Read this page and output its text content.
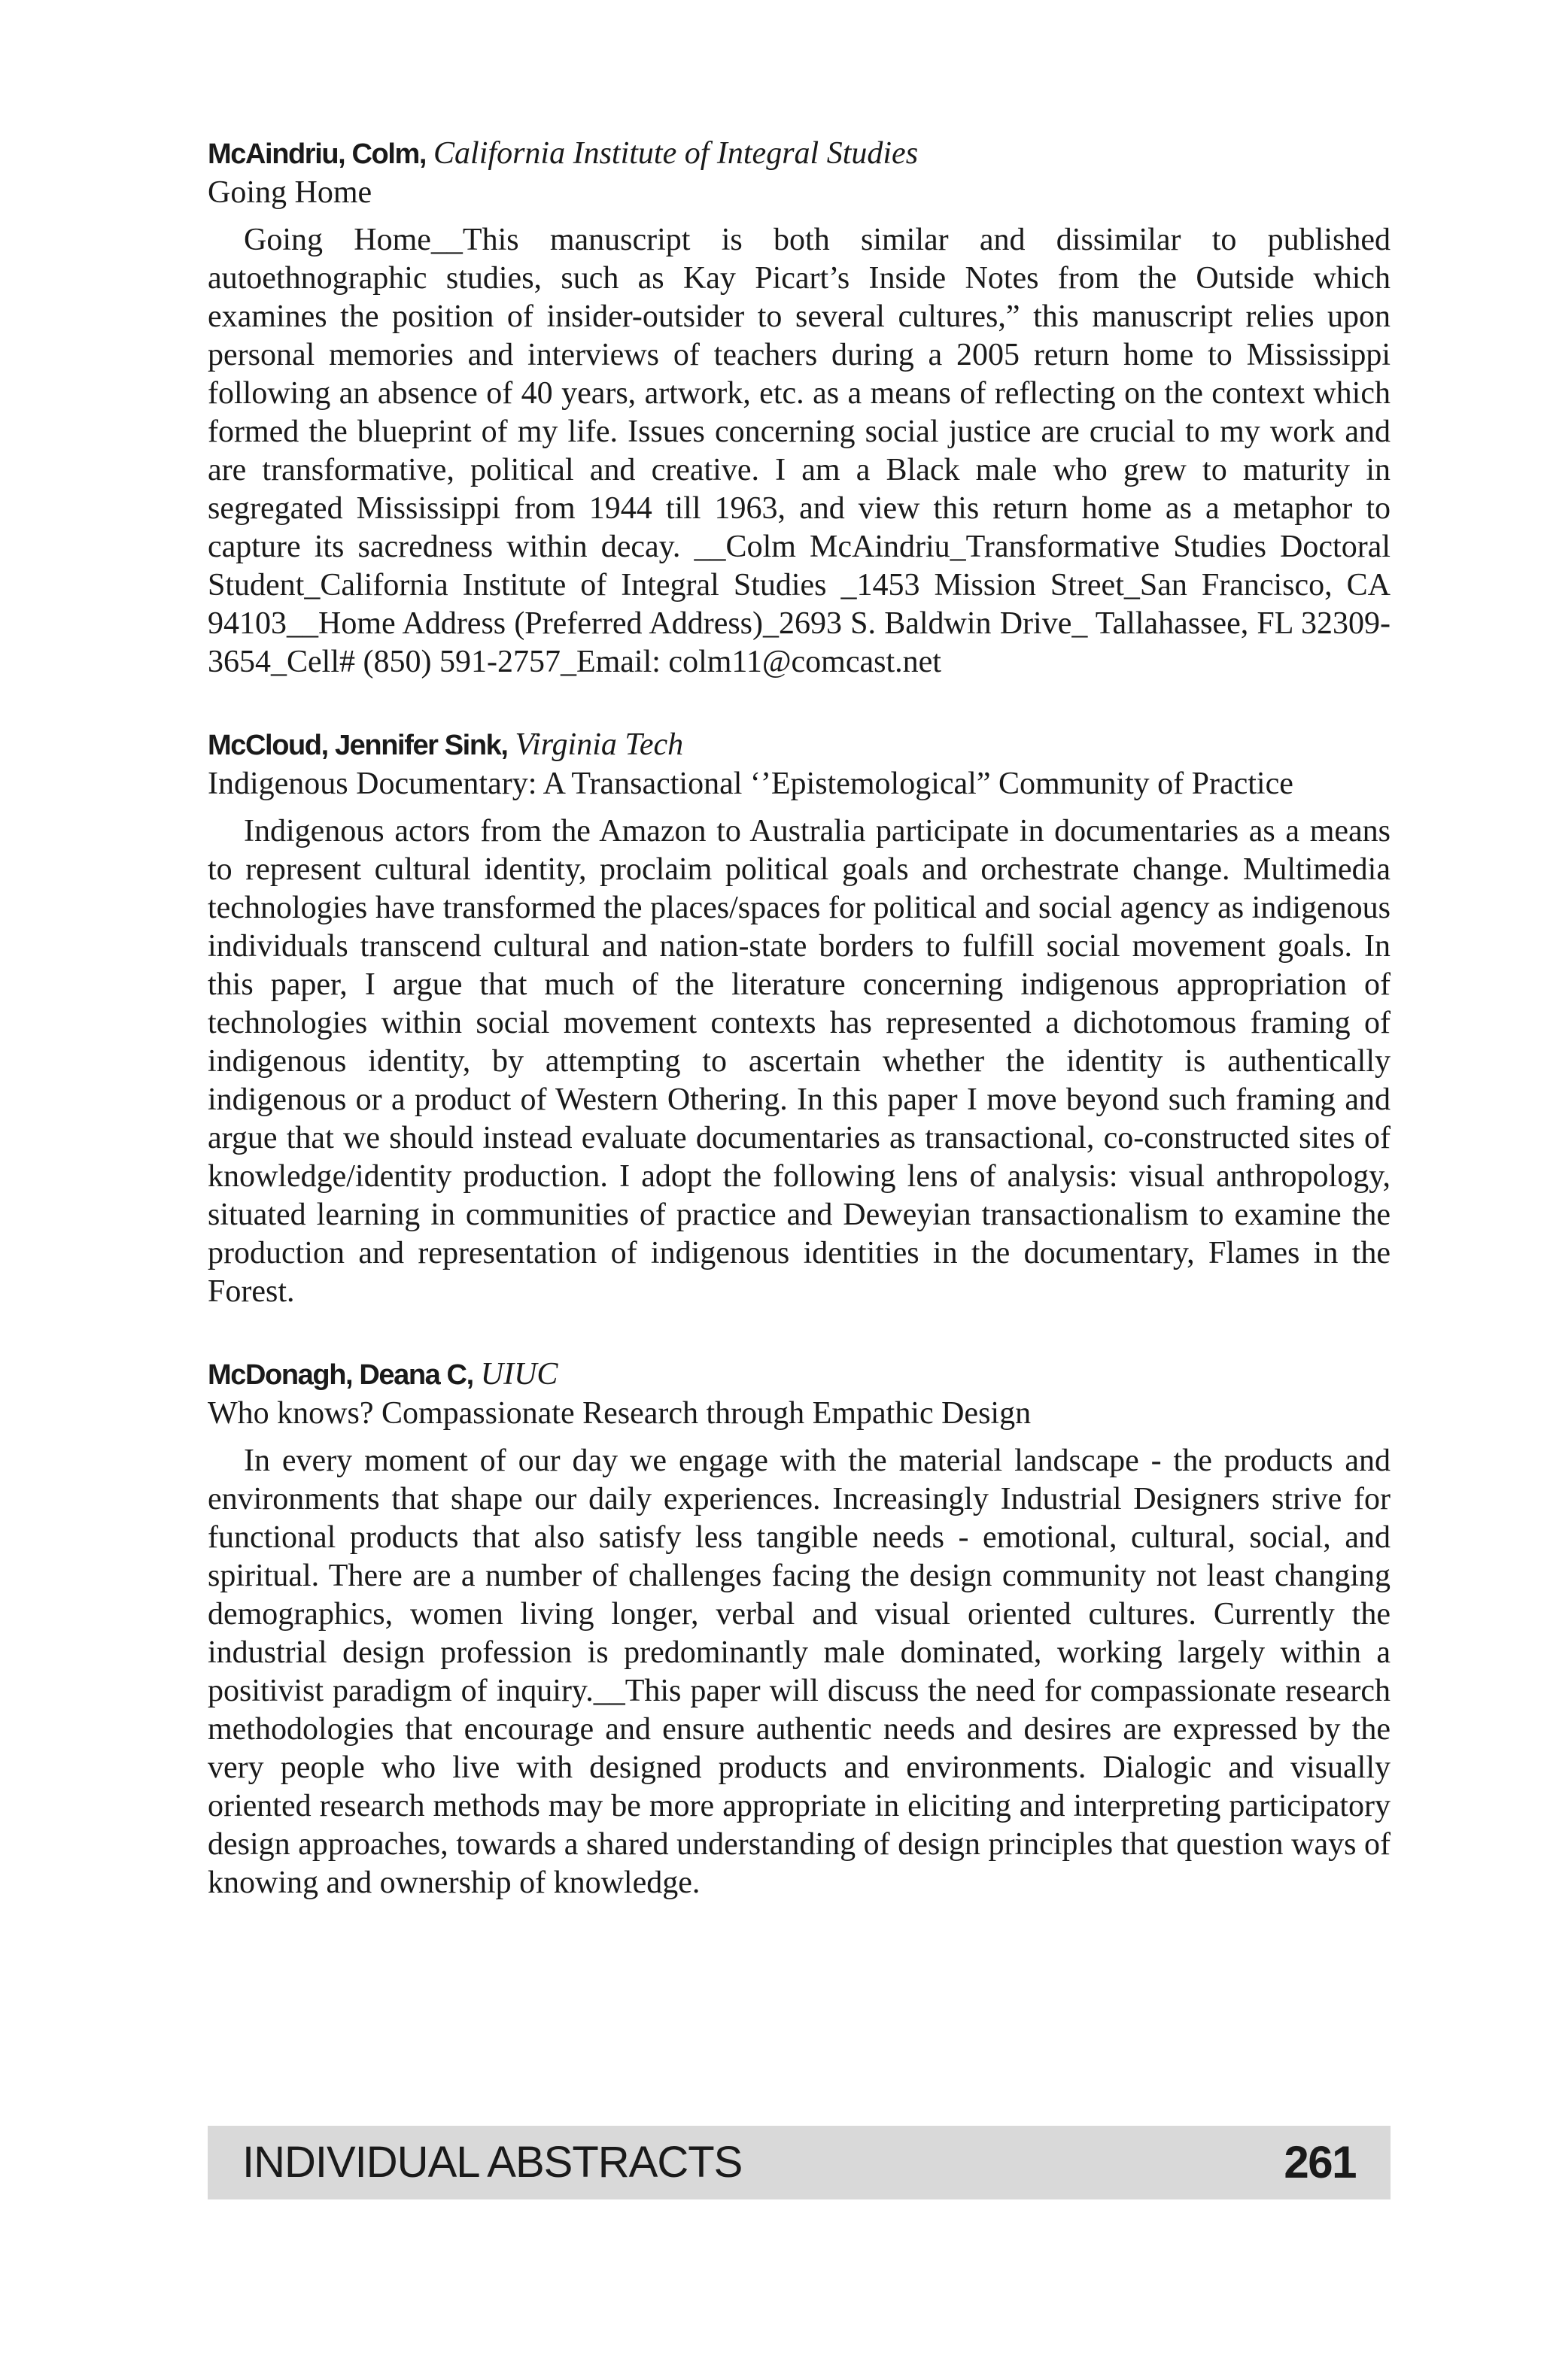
McAindriu, Colm, California Institute of Integral Studies

Going Home

Going Home__This manuscript is both similar and dissimilar to published autoethnographic studies, such as Kay Picart’s Inside Notes from the Outside which examines the position of insider-outsider to several cultures,” this manuscript relies upon personal memories and interviews of teachers during a 2005 return home to Mississippi following an absence of 40 years, artwork, etc. as a means of reflecting on the context which formed the blueprint of my life. Issues concerning social justice are crucial to my work and are transformative, political and creative. I am a Black male who grew to maturity in segregated Mississippi from 1944 till 1963, and view this return home as a metaphor to capture its sacredness within decay. __Colm McAindriu_Transformative Studies Doctoral Student_California Institute of Integral Studies _1453 Mission Street_San Francisco, CA 94103__Home Address (Preferred Address)_2693 S. Baldwin Drive_ Tallahassee, FL 32309-3654_Cell# (850) 591-2757_Email: colm11@comcast.net

McCloud, Jennifer Sink, Virginia Tech

Indigenous Documentary: A Transactional ‘’Epistemological” Community of Practice

Indigenous actors from the Amazon to Australia participate in documentaries as a means to represent cultural identity, proclaim political goals and orchestrate change. Multimedia technologies have transformed the places/spaces for political and social agency as indigenous individuals transcend cultural and nation-state borders to fulfill social movement goals. In this paper, I argue that much of the literature concerning indigenous appropriation of technologies within social movement contexts has represented a dichotomous framing of indigenous identity, by attempting to ascertain whether the identity is authentically indigenous or a product of Western Othering. In this paper I move beyond such framing and argue that we should instead evaluate documentaries as transactional, co-constructed sites of knowledge/identity production. I adopt the following lens of analysis: visual anthropology, situated learning in communities of practice and Deweyian transactionalism to examine the production and representation of indigenous identities in the documentary, Flames in the Forest.

McDonagh, Deana C, UIUC

Who knows? Compassionate Research through Empathic Design

In every moment of our day we engage with the material landscape - the products and environments that shape our daily experiences. Increasingly Industrial Designers strive for functional products that also satisfy less tangible needs - emotional, cultural, social, and spiritual. There are a number of challenges facing the design community not least changing demographics, women living longer, verbal and visual oriented cultures. Currently the industrial design profession is predominantly male dominated, working largely within a positivist paradigm of inquiry.__This paper will discuss the need for compassionate research methodologies that encourage and ensure authentic needs and desires are expressed by the very people who live with designed products and environments. Dialogic and visually oriented research methods may be more appropriate in eliciting and interpreting participatory design approaches, towards a shared understanding of design principles that question ways of knowing and ownership of knowledge.

INDIVIDUAL ABSTRACTS	261
